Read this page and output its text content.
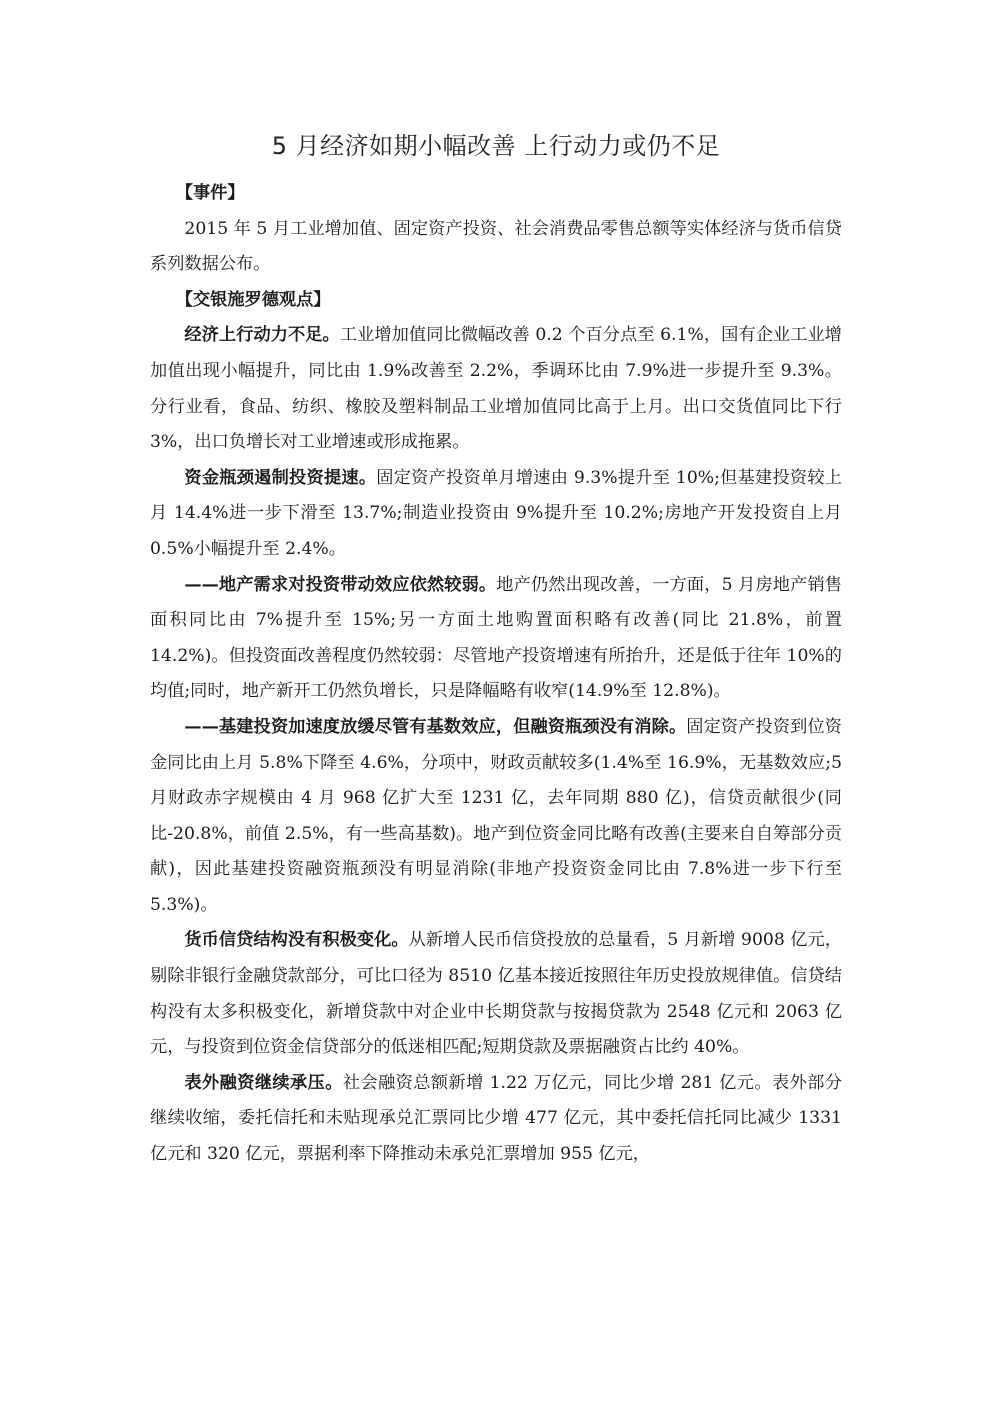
5 月经济如期小幅改善 上行动力或仍不足

【事件】

2015 年 5 月工业增加值、固定资产投资、社会消费品零售总额等实体经济与货币信贷系列数据公布。

【交银施罗德观点】

经济上行动力不足。工业增加值同比微幅改善 0.2 个百分点至 6.1%，国有企业工业增加值出现小幅提升，同比由 1.9%改善至 2.2%，季调环比由 7.9%进一步提升至 9.3%。分行业看，食品、纺织、橡胶及塑料制品工业增加值同比高于上月。出口交货值同比下行 3%，出口负增长对工业增速或形成拖累。

资金瓶颈遏制投资提速。固定资产投资单月增速由 9.3%提升至 10%;但基建投资较上月 14.4%进一步下滑至 13.7%;制造业投资由 9%提升至 10.2%;房地产开发投资自上月 0.5%小幅提升至 2.4%。

——地产需求对投资带动效应依然较弱。地产仍然出现改善，一方面，5 月房地产销售面积同比由 7%提升至 15%;另一方面土地购置面积略有改善(同比 21.8%，前置 14.2%)。但投资面改善程度仍然较弱：尽管地产投资增速有所抬升，还是低于往年 10%的均值;同时，地产新开工仍然负增长，只是降幅略有收窄(14.9%至 12.8%)。

——基建投资加速度放缓尽管有基数效应，但融资瓶颈没有消除。固定资产投资到位资金同比由上月 5.8%下降至 4.6%，分项中，财政贡献较多(1.4%至 16.9%，无基数效应;5 月财政赤字规模由 4 月 968 亿扩大至 1231 亿，去年同期 880 亿)，信贷贡献很少(同比-20.8%，前值 2.5%，有一些高基数)。地产到位资金同比略有改善(主要来自自筹部分贡献)，因此基建投资融资瓶颈没有明显消除(非地产投资资金同比由 7.8%进一步下行至 5.3%)。

货币信贷结构没有积极变化。从新增人民币信贷投放的总量看，5 月新增 9008 亿元，剔除非银行金融贷款部分，可比口径为 8510 亿基本接近按照往年历史投放规律值。信贷结构没有太多积极变化，新增贷款中对企业中长期贷款与按揭贷款为 2548 亿元和 2063 亿元，与投资到位资金信贷部分的低迷相匹配;短期贷款及票据融资占比约 40%。

表外融资继续承压。社会融资总额新增 1.22 万亿元，同比少增 281 亿元。表外部分继续收缩，委托信托和未贴现承兑汇票同比少增 477 亿元，其中委托信托同比减少 1331 亿元和 320 亿元，票据利率下降推动未承兑汇票增加 955 亿元，
